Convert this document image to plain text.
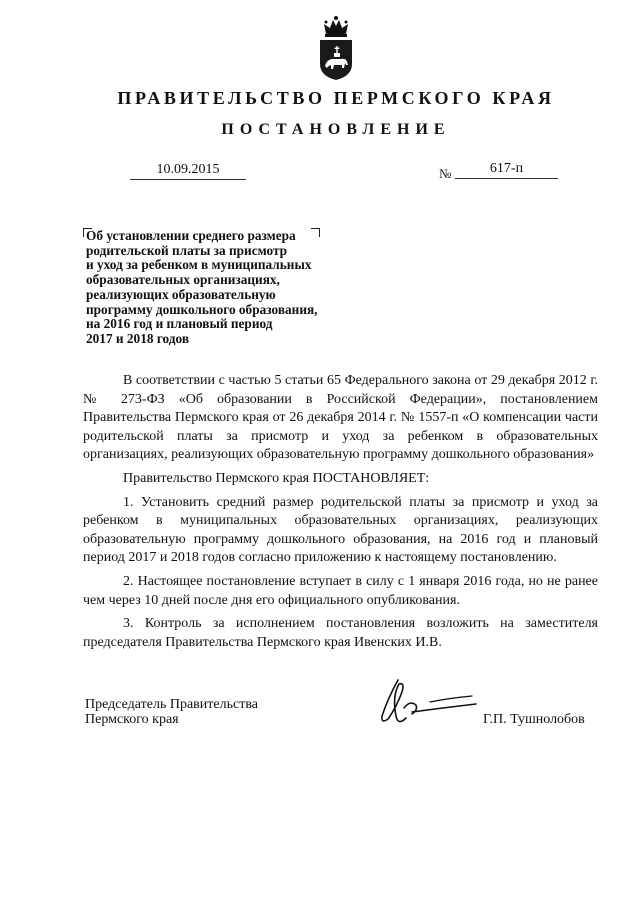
ПРАВИТЕЛЬСТВО ПЕРМСКОГО КРАЯ
ПОСТАНОВЛЕНИЕ
10.09.2015	№	617-п
Об установлении среднего размера
родительской платы за присмотр
и уход за ребенком в муниципальных
образовательных организациях,
реализующих образовательную
программу дошкольного образования,
на 2016 год и плановый период
2017 и 2018 годов

В соответствии с частью 5 статьи 65 Федерального закона от 29 декабря 2012 г. № 273-ФЗ «Об образовании в Российской Федерации», постановлением Правительства Пермского края от 26 декабря 2014 г. № 1557-п «О компенсации части родительской платы за присмотр и уход за ребенком в образовательных организациях, реализующих образовательную программу дошкольного образования»

Правительство Пермского края ПОСТАНОВЛЯЕТ:

1. Установить средний размер родительской платы за присмотр и уход за ребенком в муниципальных образовательных организациях, реализующих образовательную программу дошкольного образования, на 2016 год и плановый период 2017 и 2018 годов согласно приложению к настоящему постановлению.

2. Настоящее постановление вступает в силу с 1 января 2016 года, но не ранее чем через 10 дней после дня его официального опубликования.

3. Контроль за исполнением постановления возложить на заместителя председателя Правительства Пермского края Ивенских И.В.

Председатель Правительства
Пермского края	Г.П. Тушнолобов
